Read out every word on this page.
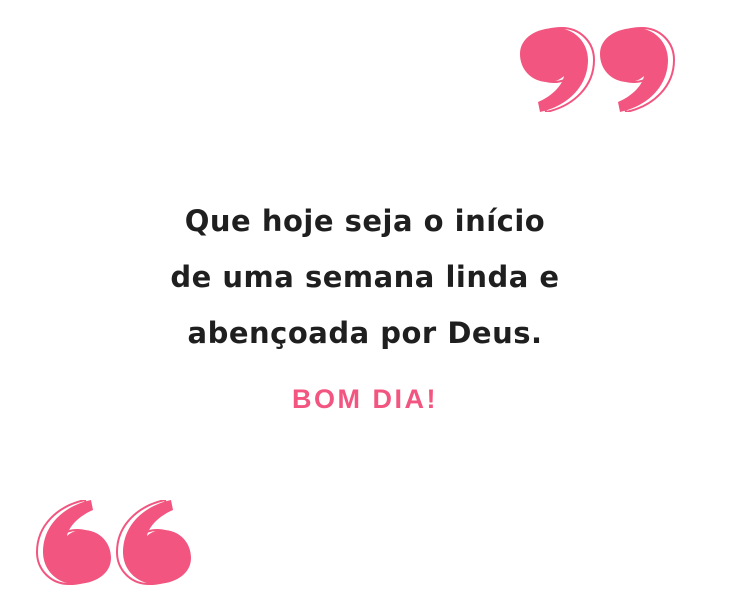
Que hoje seja o início
de uma semana linda e
abençoada por Deus.
BOM DIA!
